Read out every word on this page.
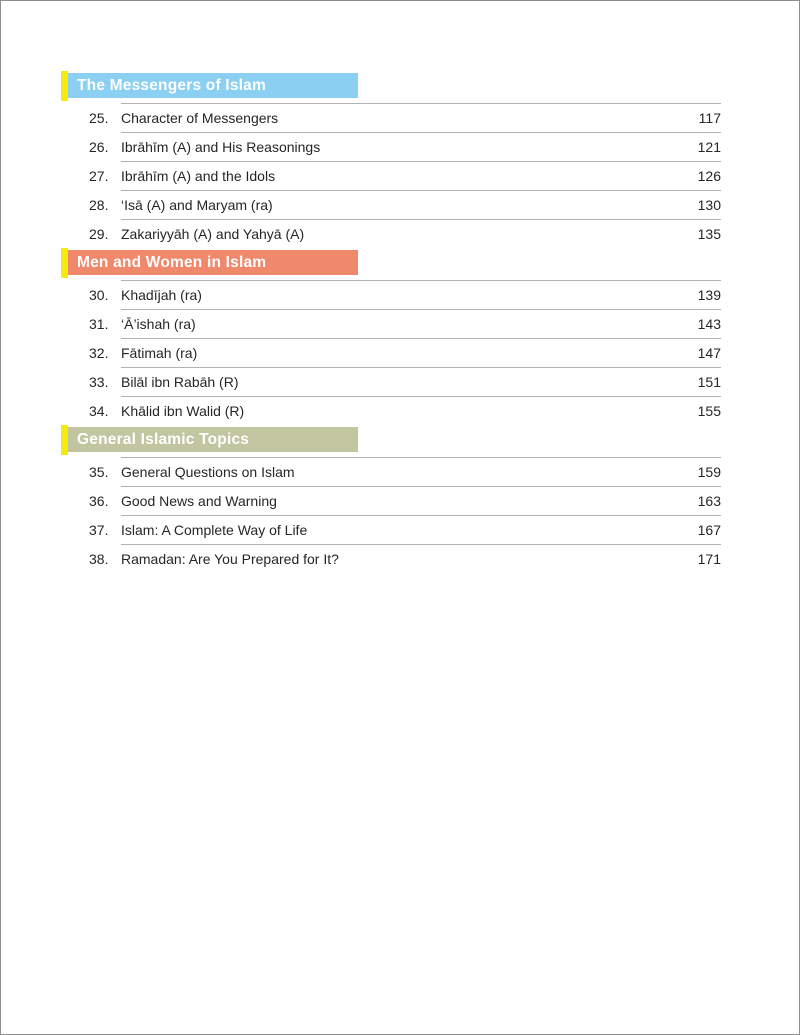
The Messengers of Islam
25. Character of Messengers	117
26. Ibrāhīm (A) and His Reasonings	121
27. Ibrāhīm (A) and the Idols	126
28. ‘Isā (A) and Maryam (ra)	130
29. Zakariyyāh (A) and Yahyā (A)	135
Men and Women in Islam
30. Khadījah (ra)	139
31. ‘Ā’ishah (ra)	143
32. Fātimah (ra)	147
33. Bilāl ibn Rabāh (R)	151
34. Khālid ibn Walid (R)	155
General Islamic Topics
35. General Questions on Islam	159
36. Good News and Warning	163
37. Islam: A Complete Way of Life	167
38. Ramadan: Are You Prepared for It?	171
